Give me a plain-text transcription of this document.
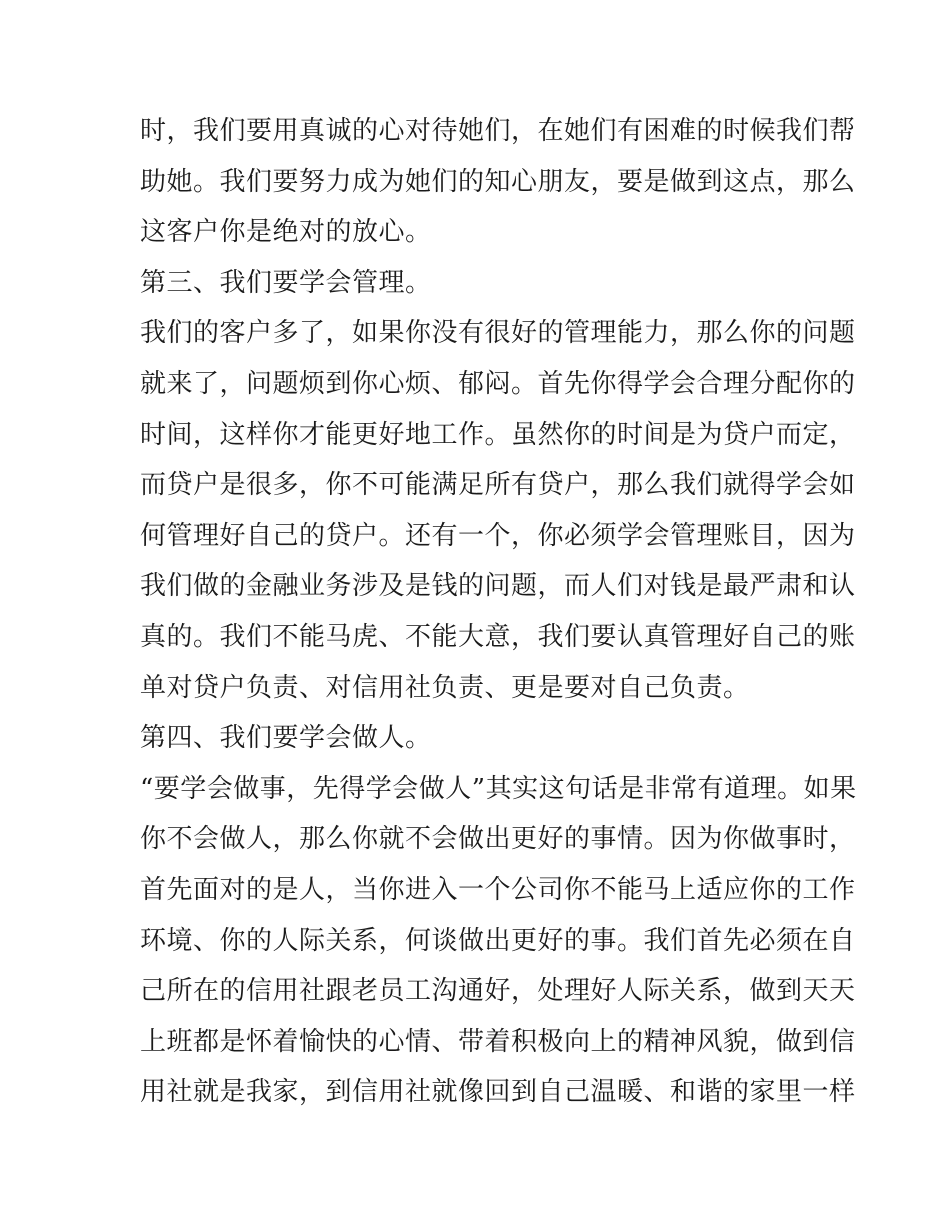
时，我们要用真诚的心对待她们，在她们有困难的时候我们帮
助她。我们要努力成为她们的知心朋友，要是做到这点，那么
这客户你是绝对的放心。
第三、我们要学会管理。
我们的客户多了，如果你没有很好的管理能力，那么你的问题
就来了，问题烦到你心烦、郁闷。首先你得学会合理分配你的
时间，这样你才能更好地工作。虽然你的时间是为贷户而定，
而贷户是很多，你不可能满足所有贷户，那么我们就得学会如
何管理好自己的贷户。还有一个，你必须学会管理账目，因为
我们做的金融业务涉及是钱的问题，而人们对钱是最严肃和认
真的。我们不能马虎、不能大意，我们要认真管理好自己的账
单对贷户负责、对信用社负责、更是要对自己负责。
第四、我们要学会做人。
“要学会做事，先得学会做人”其实这句话是非常有道理。如果
你不会做人，那么你就不会做出更好的事情。因为你做事时，
首先面对的是人，当你进入一个公司你不能马上适应你的工作
环境、你的人际关系，何谈做出更好的事。我们首先必须在自
己所在的信用社跟老员工沟通好，处理好人际关系，做到天天
上班都是怀着愉快的心情、带着积极向上的精神风貌，做到信
用社就是我家，到信用社就像回到自己温暖、和谐的家里一样
